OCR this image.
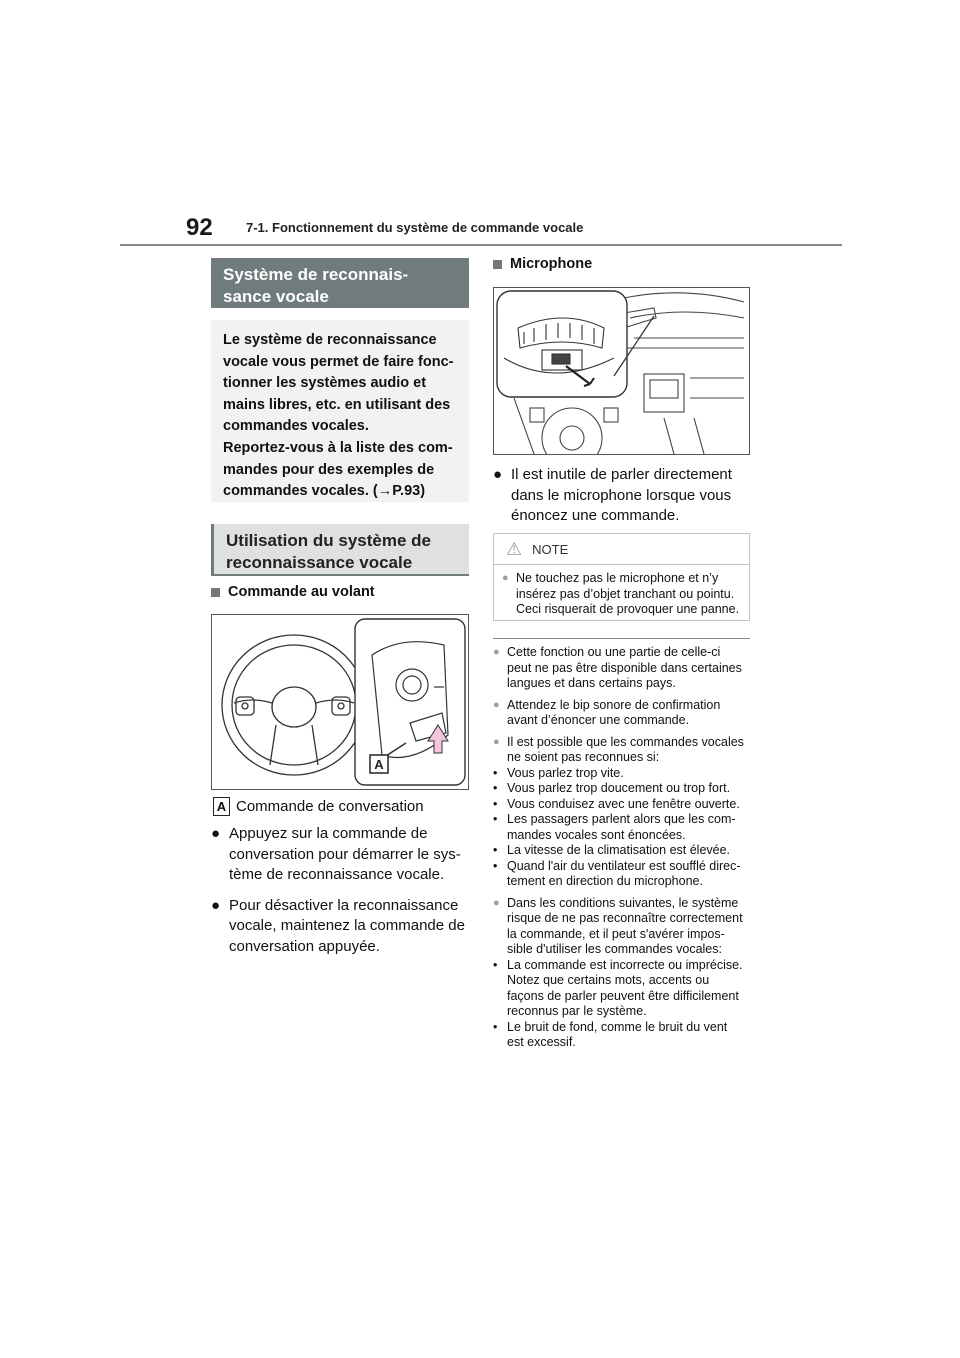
92	7-1. Fonctionnement du système de commande vocale
Système de reconnais-
sance vocale
Le système de reconnaissance
vocale vous permet de faire fonc-
tionner les systèmes audio et
mains libres, etc. en utilisant des
commandes vocales.
Reportez-vous à la liste des com-
mandes pour des exemples de
commandes vocales. (→P.93)
Utilisation du système de
reconnaissance vocale
Commande au volant
A
A Commande de conversation
● Appuyez sur la commande de
conversation pour démarrer le sys-
tème de reconnaissance vocale.
● Pour désactiver la reconnaissance
vocale, maintenez la commande de
conversation appuyée.
Microphone
● Il est inutile de parler directement
dans le microphone lorsque vous
énoncez une commande.
⚠ NOTE
● Ne touchez pas le microphone et n’y
insérez pas d’objet tranchant ou pointu.
Ceci risquerait de provoquer une panne.
● Cette fonction ou une partie de celle-ci
peut ne pas être disponible dans certaines
langues et dans certains pays.
● Attendez le bip sonore de confirmation
avant d’énoncer une commande.
● Il est possible que les commandes vocales
ne soient pas reconnues si:
• Vous parlez trop vite.
• Vous parlez trop doucement ou trop fort.
• Vous conduisez avec une fenêtre ouverte.
• Les passagers parlent alors que les com-
mandes vocales sont énoncées.
• La vitesse de la climatisation est élevée.
• Quand l'air du ventilateur est soufflé direc-
tement en direction du microphone.
● Dans les conditions suivantes, le système
risque de ne pas reconnaître correctement
la commande, et il peut s'avérer impos-
sible d'utiliser les commandes vocales:
• La commande est incorrecte ou imprécise.
Notez que certains mots, accents ou
façons de parler peuvent être difficilement
reconnus par le système.
• Le bruit de fond, comme le bruit du vent
est excessif.
